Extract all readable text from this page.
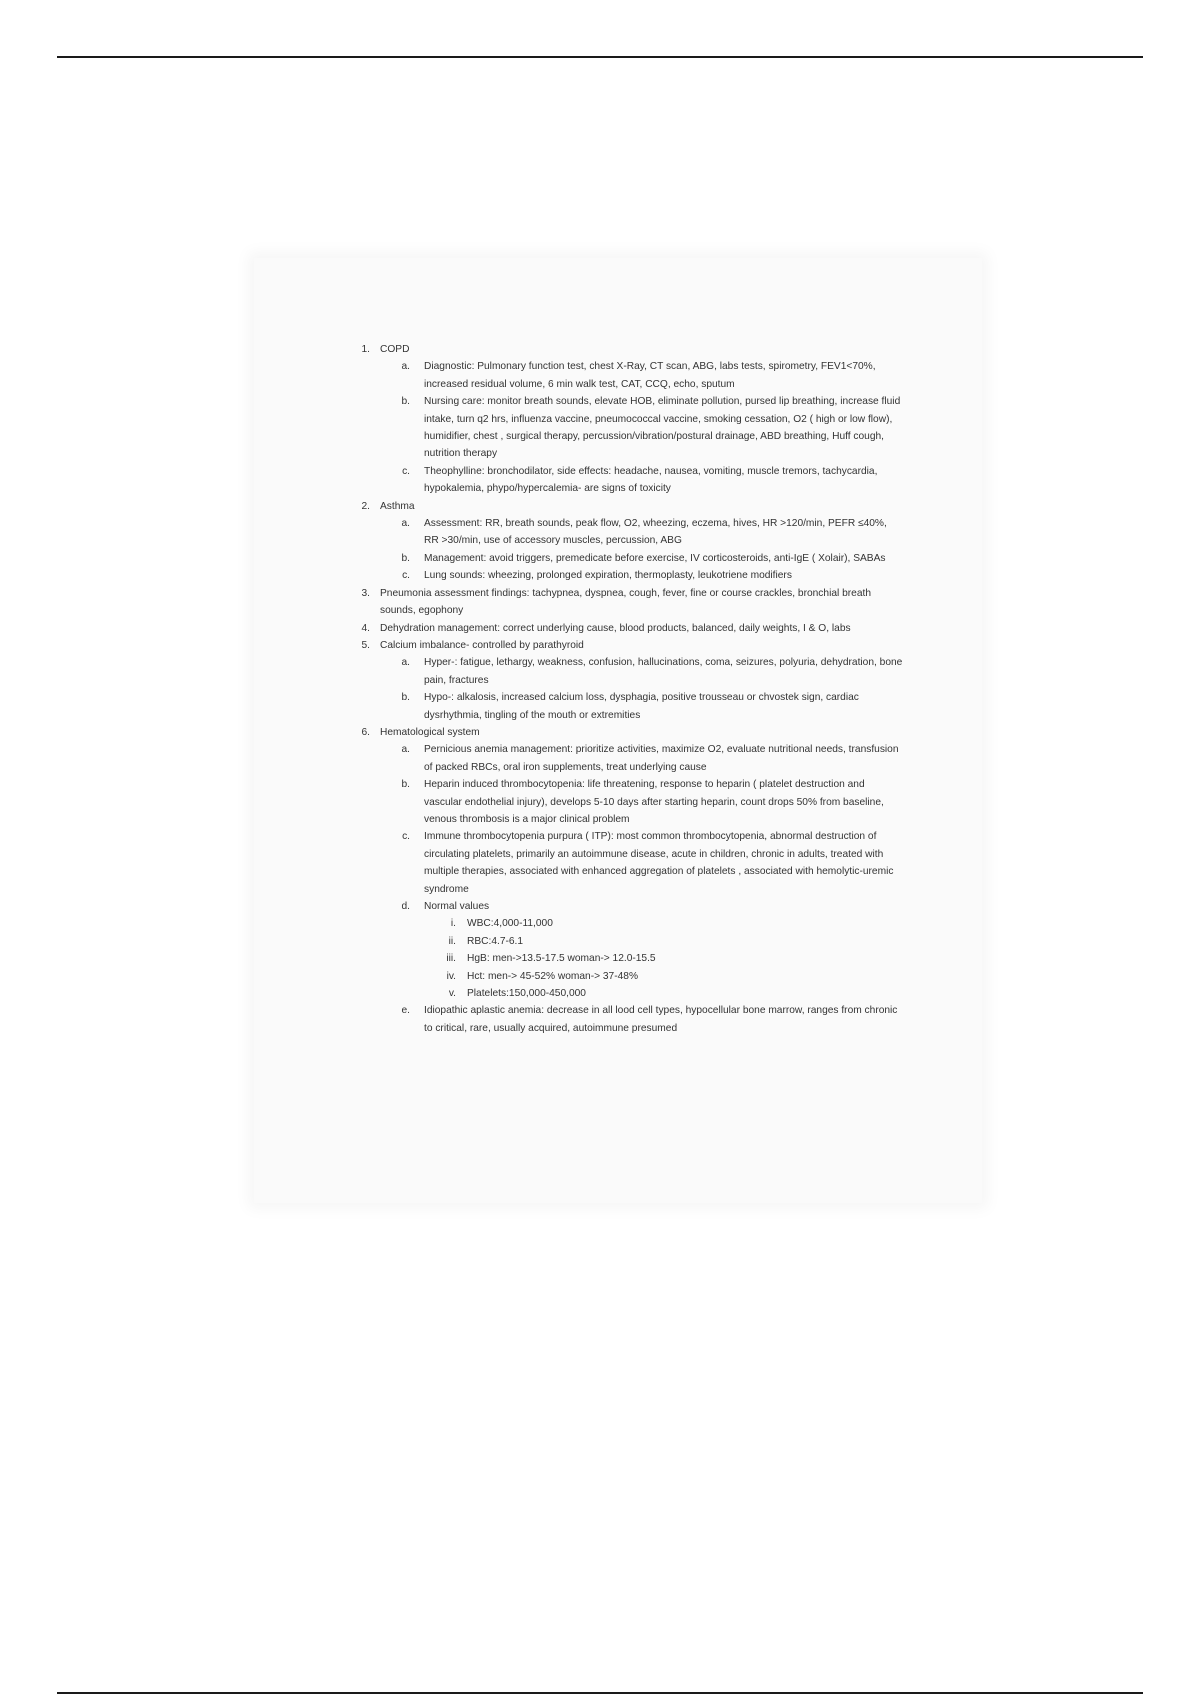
1. COPD
a. Diagnostic: Pulmonary function test, chest X-Ray, CT scan, ABG, labs tests, spirometry, FEV1<70%, increased residual volume, 6 min walk test, CAT, CCQ, echo, sputum
b. Nursing care: monitor breath sounds, elevate HOB, eliminate pollution, pursed lip breathing, increase fluid intake, turn q2 hrs, influenza vaccine, pneumococcal vaccine, smoking cessation, O2 ( high or low flow), humidifier, chest , surgical therapy, percussion/vibration/postural drainage, ABD breathing, Huff cough, nutrition therapy
c. Theophylline: bronchodilator, side effects: headache, nausea, vomiting, muscle tremors, tachycardia, hypokalemia, phypo/hypercalemia- are signs of toxicity
2. Asthma
a. Assessment: RR, breath sounds, peak flow, O2, wheezing, eczema, hives, HR >120/min, PEFR ≤40%, RR >30/min, use of accessory muscles, percussion, ABG
b. Management: avoid triggers, premedicate before exercise, IV corticosteroids, anti-IgE ( Xolair), SABAs
c. Lung sounds: wheezing, prolonged expiration, thermoplasty, leukotriene modifiers
3. Pneumonia assessment findings: tachypnea, dyspnea, cough, fever, fine or course crackles, bronchial breath sounds, egophony
4. Dehydration management: correct underlying cause, blood products, balanced, daily weights, I & O, labs
5. Calcium imbalance- controlled by parathyroid
a. Hyper-: fatigue, lethargy, weakness, confusion, hallucinations, coma, seizures, polyuria, dehydration, bone pain, fractures
b. Hypo-: alkalosis, increased calcium loss, dysphagia, positive trousseau or chvostek sign, cardiac dysrhythmia, tingling of the mouth or extremities
6. Hematological system
a. Pernicious anemia management: prioritize activities, maximize O2, evaluate nutritional needs, transfusion of packed RBCs, oral iron supplements, treat underlying cause
b. Heparin induced thrombocytopenia: life threatening, response to heparin ( platelet destruction and vascular endothelial injury), develops 5-10 days after starting heparin, count drops 50% from baseline, venous thrombosis is a major clinical problem
c. Immune thrombocytopenia purpura ( ITP): most common thrombocytopenia, abnormal destruction of circulating platelets, primarily an autoimmune disease, acute in children, chronic in adults, treated with multiple therapies, associated with enhanced aggregation of platelets , associated with hemolytic-uremic syndrome
d. Normal values
i. WBC:4,000-11,000
ii. RBC:4.7-6.1
iii. HgB: men->13.5-17.5 woman-> 12.0-15.5
iv. Hct: men-> 45-52% woman-> 37-48%
v. Platelets:150,000-450,000
e. Idiopathic aplastic anemia: decrease in all lood cell types, hypocellular bone marrow, ranges from chronic to critical, rare, usually acquired, autoimmune presumed
